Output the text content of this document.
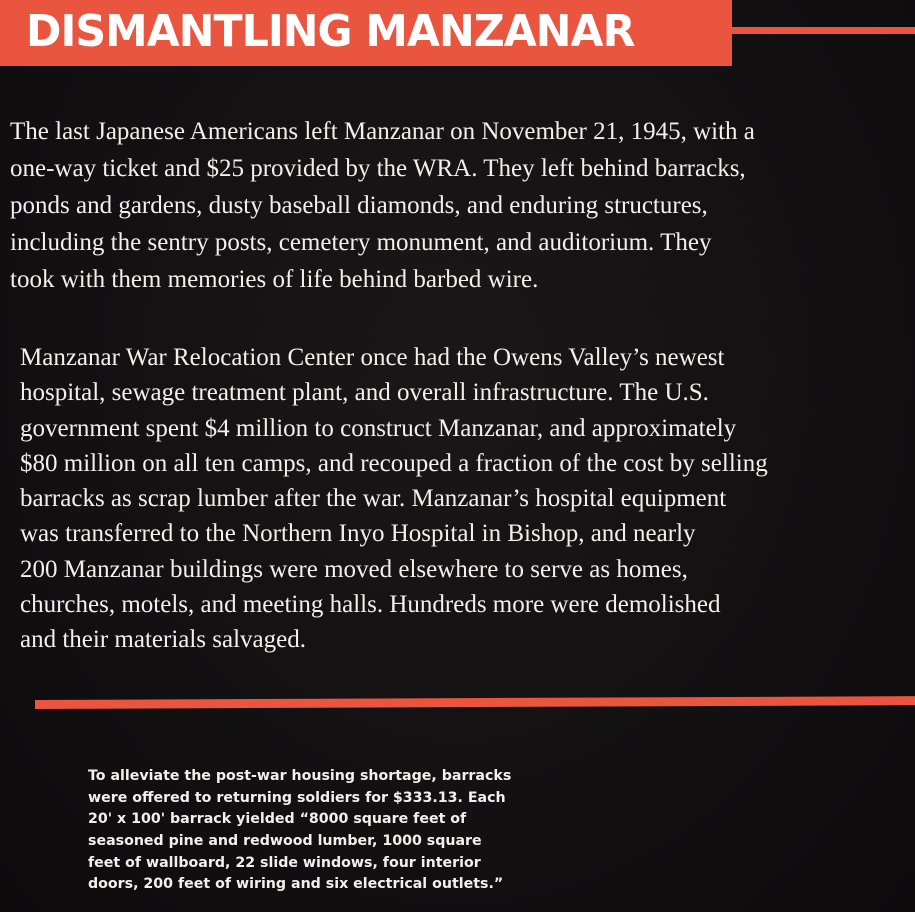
DISMANTLING MANZANAR
The last Japanese Americans left Manzanar on November 21, 1945, with a
one-way ticket and $25 provided by the WRA. They left behind barracks,
ponds and gardens, dusty baseball diamonds, and enduring structures,
including the sentry posts, cemetery monument, and auditorium. They
took with them memories of life behind barbed wire.
Manzanar War Relocation Center once had the Owens Valley’s newest
hospital, sewage treatment plant, and overall infrastructure. The U.S.
government spent $4 million to construct Manzanar, and approximately
$80 million on all ten camps, and recouped a fraction of the cost by selling
barracks as scrap lumber after the war. Manzanar’s hospital equipment
was transferred to the Northern Inyo Hospital in Bishop, and nearly
200 Manzanar buildings were moved elsewhere to serve as homes,
churches, motels, and meeting halls. Hundreds more were demolished
and their materials salvaged.
To alleviate the post-war housing shortage, barracks
were offered to returning soldiers for $333.13. Each
20' x 100' barrack yielded “8000 square feet of
seasoned pine and redwood lumber, 1000 square
feet of wallboard, 22 slide windows, four interior
doors, 200 feet of wiring and six electrical outlets.”
